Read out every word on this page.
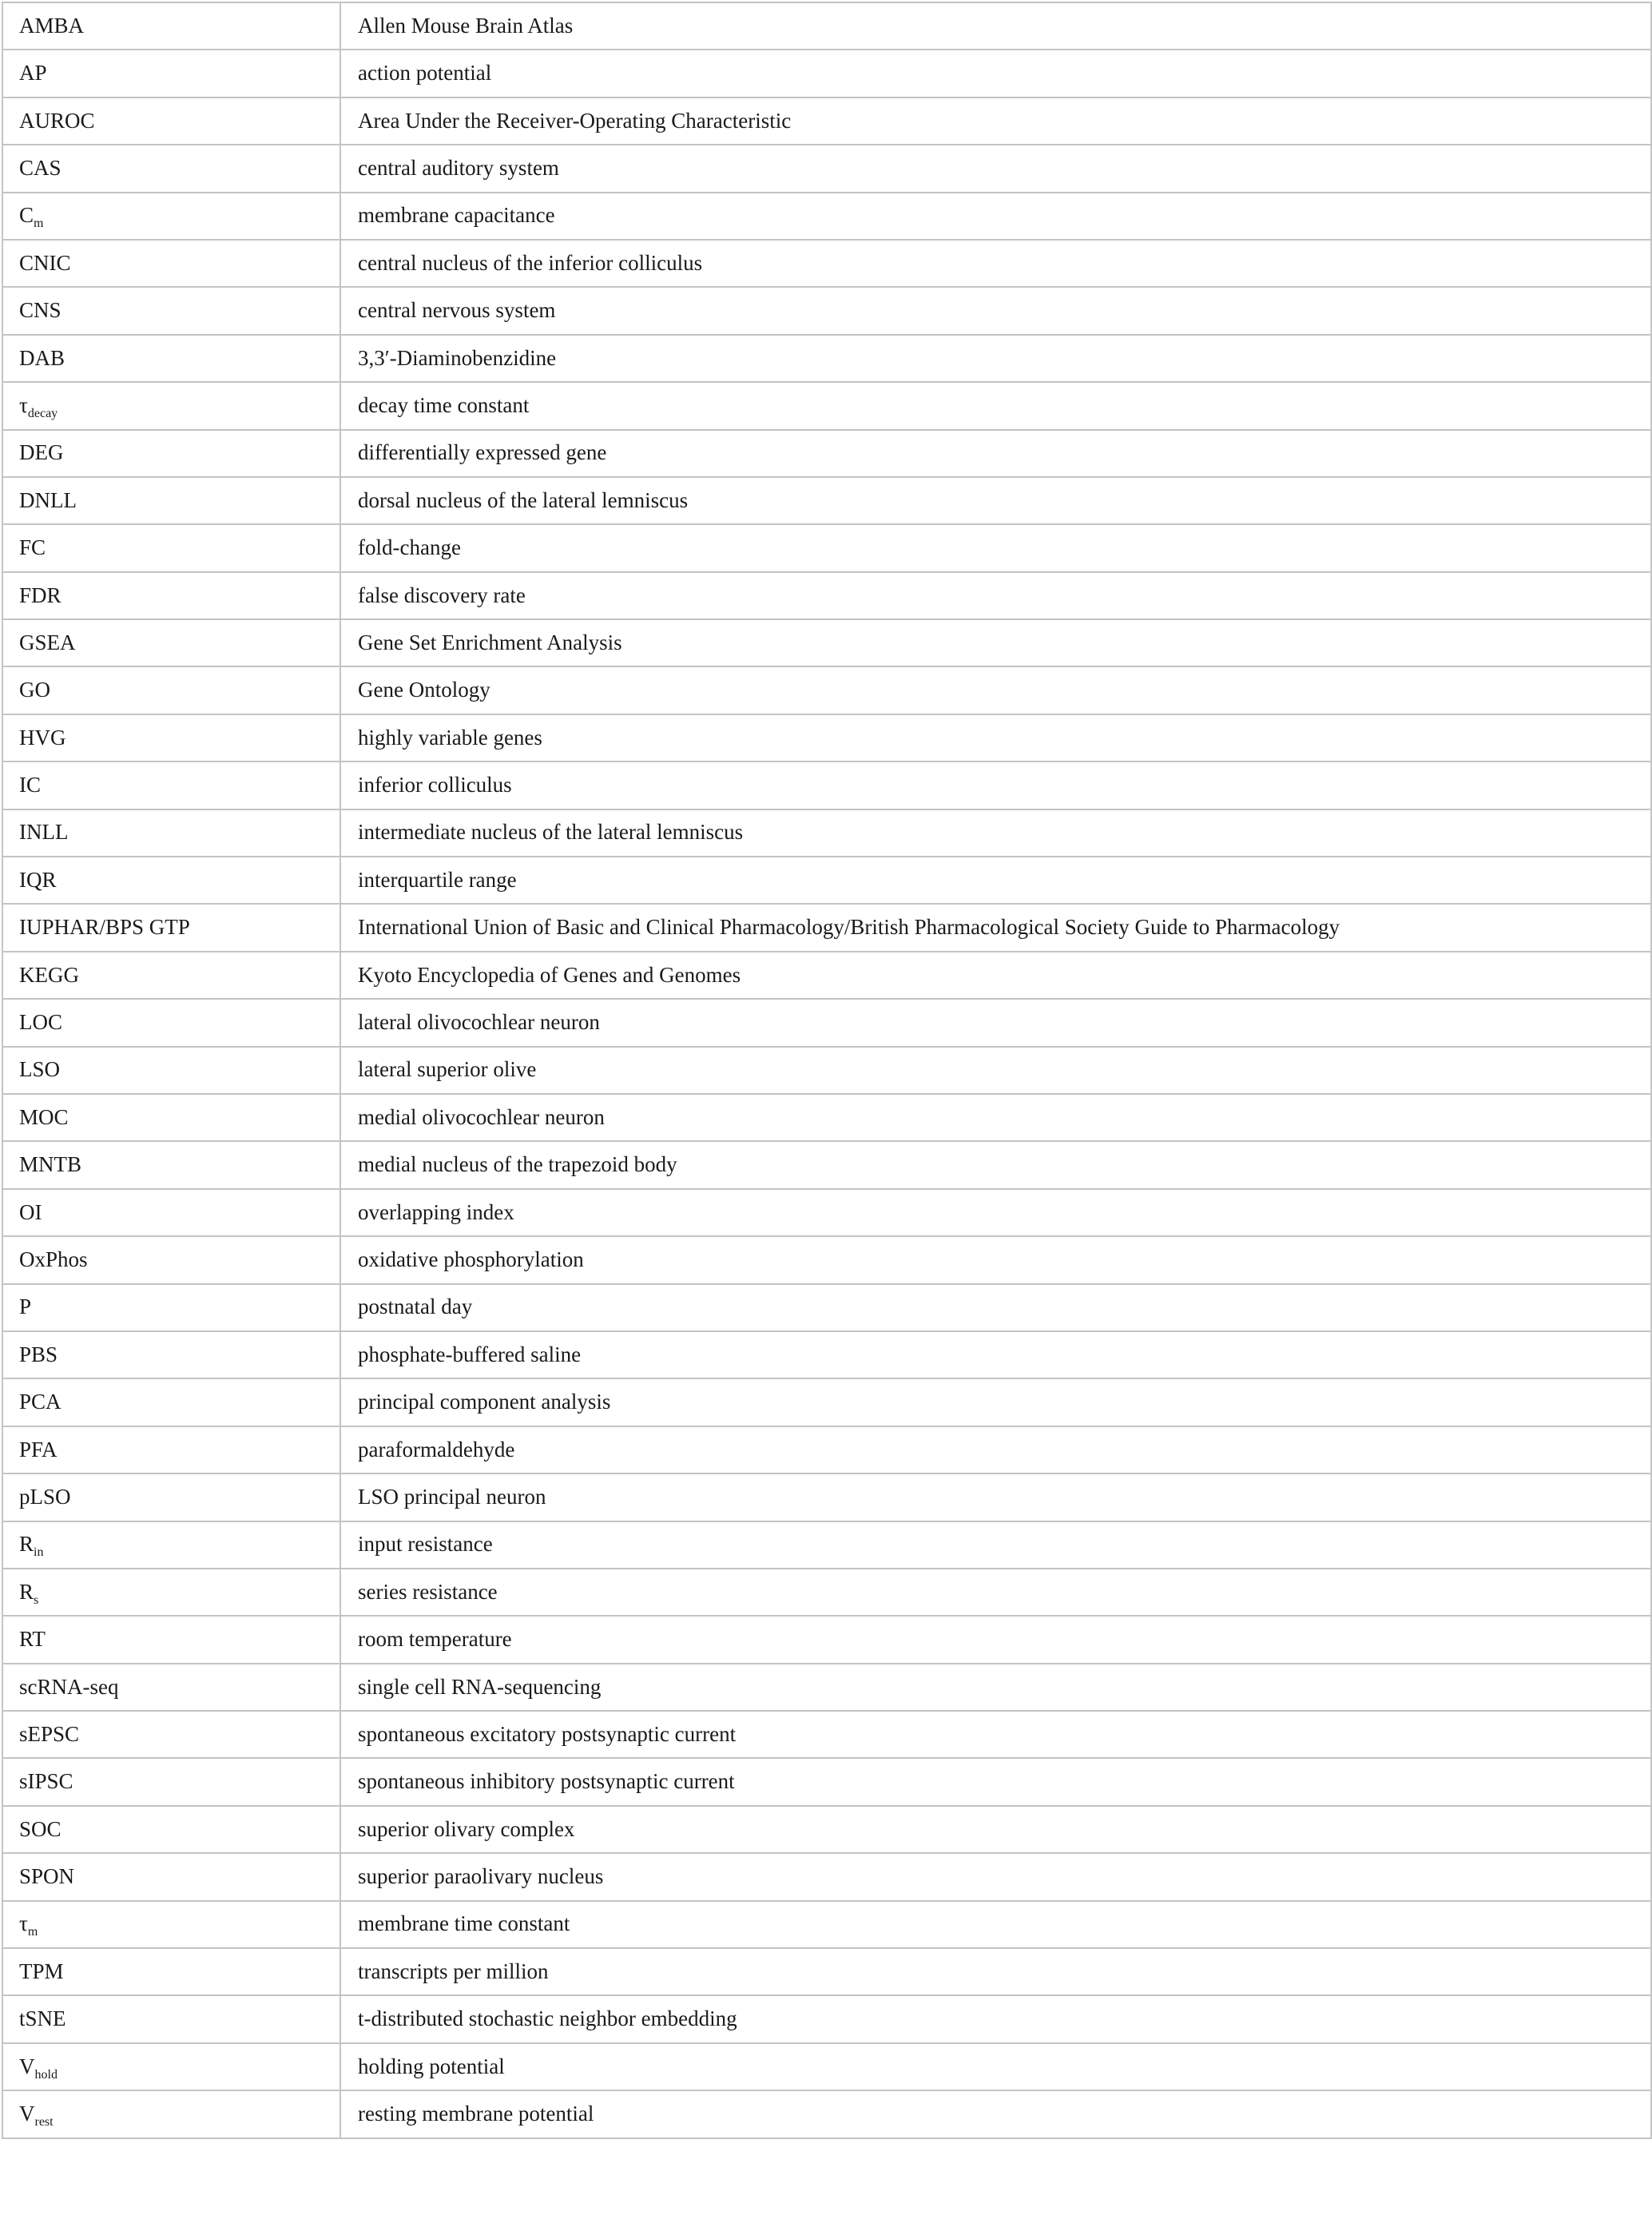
AMBA	Allen Mouse Brain Atlas
AP	action potential
AUROC	Area Under the Receiver-Operating Characteristic
CAS	central auditory system
$C_m$	membrane capacitance
CNIC	central nucleus of the inferior colliculus
CNS	central nervous system
DAB	3,3′-Diaminobenzidine
$\tau_{decay}$	decay time constant
DEG	differentially expressed gene
DNLL	dorsal nucleus of the lateral lemniscus
FC	fold-change
FDR	false discovery rate
GSEA	Gene Set Enrichment Analysis
GO	Gene Ontology
HVG	highly variable genes
IC	inferior colliculus
INLL	intermediate nucleus of the lateral lemniscus
IQR	interquartile range
IUPHAR/BPS GTP	International Union of Basic and Clinical Pharmacology/British Pharmacological Society Guide to Pharmacology
KEGG	Kyoto Encyclopedia of Genes and Genomes
LOC	lateral olivocochlear neuron
LSO	lateral superior olive
MOC	medial olivocochlear neuron
MNTB	medial nucleus of the trapezoid body
OI	overlapping index
OxPhos	oxidative phosphorylation
P	postnatal day
PBS	phosphate-buffered saline
PCA	principal component analysis
PFA	paraformaldehyde
pLSO	LSO principal neuron
$R_{in}$	input resistance
$R_s$	series resistance
RT	room temperature
scRNA-seq	single cell RNA-sequencing
sEPSC	spontaneous excitatory postsynaptic current
sIPSC	spontaneous inhibitory postsynaptic current
SOC	superior olivary complex
SPON	superior paraolivary nucleus
$\tau_m$	membrane time constant
TPM	transcripts per million
tSNE	t-distributed stochastic neighbor embedding
$V_{hold}$	holding potential
$V_{rest}$	resting membrane potential
